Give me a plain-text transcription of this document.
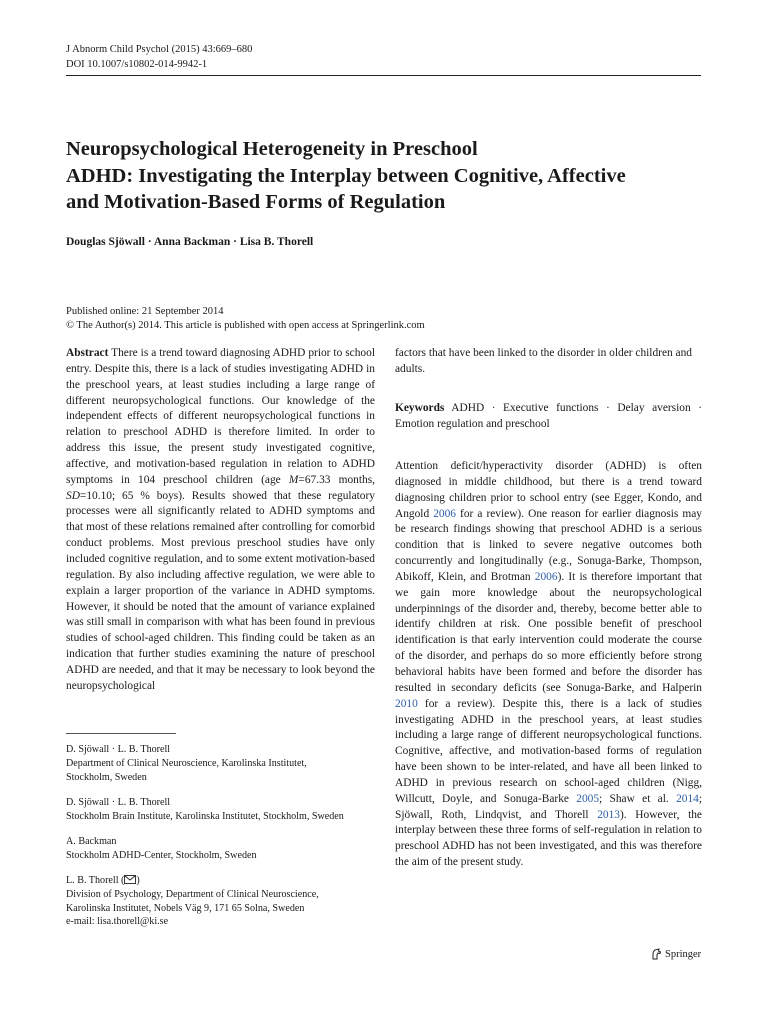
J Abnorm Child Psychol (2015) 43:669–680
DOI 10.1007/s10802-014-9942-1
Neuropsychological Heterogeneity in Preschool
ADHD: Investigating the Interplay between Cognitive, Affective
and Motivation-Based Forms of Regulation
Douglas Sjöwall · Anna Backman · Lisa B. Thorell
Published online: 21 September 2014
© The Author(s) 2014. This article is published with open access at Springerlink.com
Abstract There is a trend toward diagnosing ADHD prior to school entry. Despite this, there is a lack of studies investigating ADHD in the preschool years, at least studies including a large range of different neuropsychological functions. Our knowledge of the independent effects of different neuropsychological functions in relation to preschool ADHD is therefore limited. In order to address this issue, the present study investigated cognitive, affective, and motivation-based regulation in relation to ADHD symptoms in 104 preschool children (age M=67.33 months, SD=10.10; 65 % boys). Results showed that these regulatory processes were all significantly related to ADHD symptoms and that most of these relations remained after controlling for comorbid conduct problems. Most previous preschool studies have only included cognitive regulation, and to some extent motivation-based regulation. By also including affective regulation, we were able to explain a larger proportion of the variance in ADHD symptoms. However, it should be noted that the amount of variance explained was still small in comparison with what has been found in previous studies of school-aged children. This finding could be taken as an indication that further studies examining the nature of preschool ADHD are needed, and that it may be necessary to look beyond the neuropsychological
D. Sjöwall · L. B. Thorell
Department of Clinical Neuroscience, Karolinska Institutet,
Stockholm, Sweden
D. Sjöwall · L. B. Thorell
Stockholm Brain Institute, Karolinska Institutet, Stockholm, Sweden
A. Backman
Stockholm ADHD-Center, Stockholm, Sweden
L. B. Thorell ( )
Division of Psychology, Department of Clinical Neuroscience,
Karolinska Institutet, Nobels Väg 9, 171 65 Solna, Sweden
e-mail: lisa.thorell@ki.se
factors that have been linked to the disorder in older children and adults.
Keywords ADHD · Executive functions · Delay aversion · Emotion regulation and preschool
Attention deficit/hyperactivity disorder (ADHD) is often diagnosed in middle childhood, but there is a trend toward diagnosing children prior to school entry (see Egger, Kondo, and Angold 2006 for a review). One reason for earlier diagnosis may be research findings showing that preschool ADHD is a serious condition that is linked to severe negative outcomes both concurrently and longitudinally (e.g., Sonuga-Barke, Thompson, Abikoff, Klein, and Brotman 2006). It is therefore important that we gain more knowledge about the neuropsychological underpinnings of the disorder and, thereby, become better able to identify children at risk. One possible benefit of preschool identification is that early intervention could moderate the course of the disorder, and perhaps do so more efficiently before strong behavioral habits have been formed and before the disorder has resulted in secondary deficits (see Sonuga-Barke, and Halperin 2010 for a review). Despite this, there is a lack of studies investigating ADHD in the preschool years, at least studies including a large range of different neuropsychological functions. Cognitive, affective, and motivation-based forms of regulation have been shown to be inter-related, and have all been linked to ADHD in previous research on school-aged children (Nigg, Willcutt, Doyle, and Sonuga-Barke 2005; Shaw et al. 2014; Sjöwall, Roth, Lindqvist, and Thorell 2013). However, the interplay between these three forms of self-regulation in relation to preschool ADHD has not been investigated, and this was therefore the aim of the present study.
Springer
